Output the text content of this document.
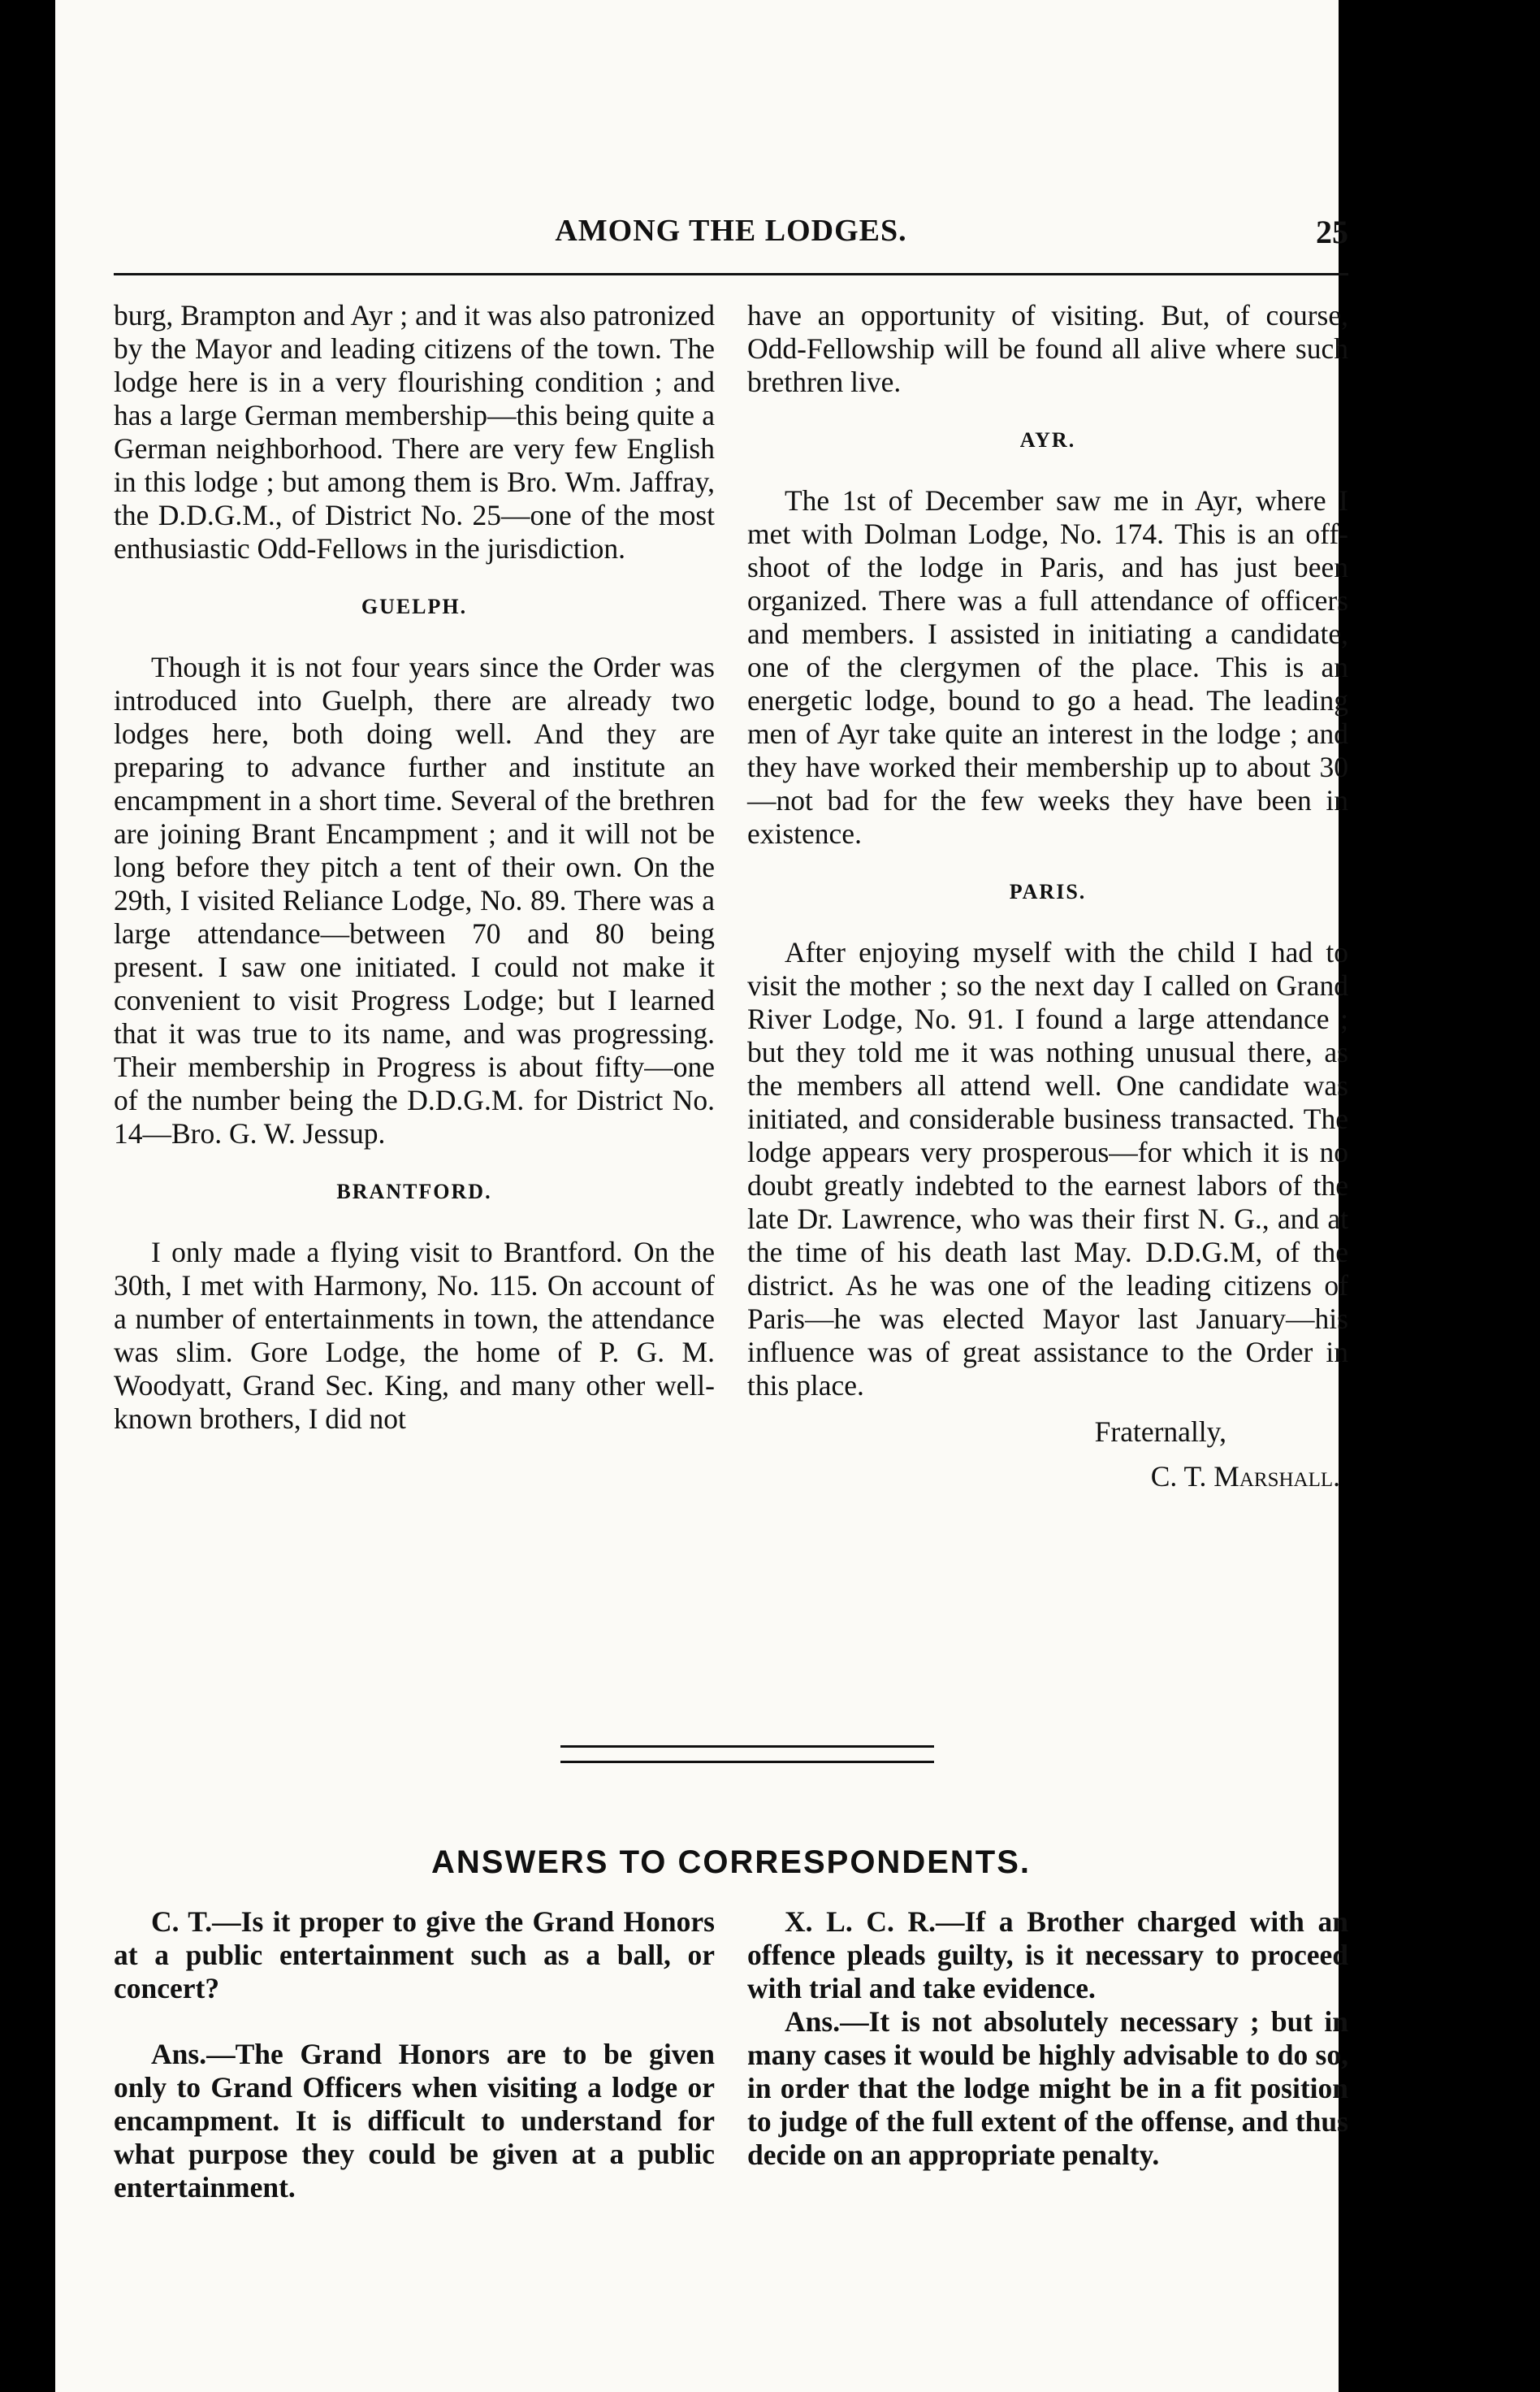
AMONG THE LODGES.	25

burg, Brampton and Ayr ; and it was also patronized by the Mayor and leading citizens of the town. The lodge here is in a very flourishing condition ; and has a large German membership—this being quite a German neighborhood. There are very few English in this lodge ; but among them is Bro. Wm. Jaffray, the D.D.G.M., of District No. 25—one of the most enthusiastic Odd-Fellows in the jurisdiction.

GUELPH.

Though it is not four years since the Order was introduced into Guelph, there are already two lodges here, both doing well. And they are preparing to advance further and institute an encampment in a short time. Several of the brethren are joining Brant Encampment ; and it will not be long before they pitch a tent of their own. On the 29th, I visited Reliance Lodge, No. 89. There was a large attendance—between 70 and 80 being present. I saw one initiated. I could not make it convenient to visit Progress Lodge; but I learned that it was true to its name, and was progressing. Their membership in Progress is about fifty—one of the number being the D.D.G.M. for District No. 14—Bro. G. W. Jessup.

BRANTFORD.

I only made a flying visit to Brantford. On the 30th, I met with Harmony, No. 115. On account of a number of entertainments in town, the attendance was slim. Gore Lodge, the home of P. G. M. Woodyatt, Grand Sec. King, and many other well-known brothers, I did not

have an opportunity of visiting. But, of course, Odd-Fellowship will be found all alive where such brethren live.

AYR.

The 1st of December saw me in Ayr, where I met with Dolman Lodge, No. 174. This is an off-shoot of the lodge in Paris, and has just been organized. There was a full attendance of officers and members. I assisted in initiating a candidate, one of the clergymen of the place. This is an energetic lodge, bound to go a head. The leading men of Ayr take quite an interest in the lodge ; and they have worked their membership up to about 30—not bad for the few weeks they have been in existence.

PARIS.

After enjoying myself with the child I had to visit the mother ; so the next day I called on Grand River Lodge, No. 91. I found a large attendance ; but they told me it was nothing unusual there, as the members all attend well. One candidate was initiated, and considerable business transacted. The lodge appears very prosperous—for which it is no doubt greatly indebted to the earnest labors of the late Dr. Lawrence, who was their first N. G., and at the time of his death last May. D.D.G.M, of the district. As he was one of the leading citizens of Paris—he was elected Mayor last January—his influence was of great assistance to the Order in this place.

Fraternally,
C. T. Marshall.
ANSWERS TO CORRESPONDENTS.

C. T.—Is it proper to give the Grand Honors at a public entertainment such as a ball, or concert?

Ans.—The Grand Honors are to be given only to Grand Officers when visiting a lodge or encampment. It is difficult to understand for what purpose they could be given at a public entertainment.

X. L. C. R.—If a Brother charged with an offence pleads guilty, is it necessary to proceed with trial and take evidence.

Ans.—It is not absolutely necessary ; but in many cases it would be highly advisable to do so, in order that the lodge might be in a fit position to judge of the full extent of the offense, and thus decide on an appropriate penalty.
